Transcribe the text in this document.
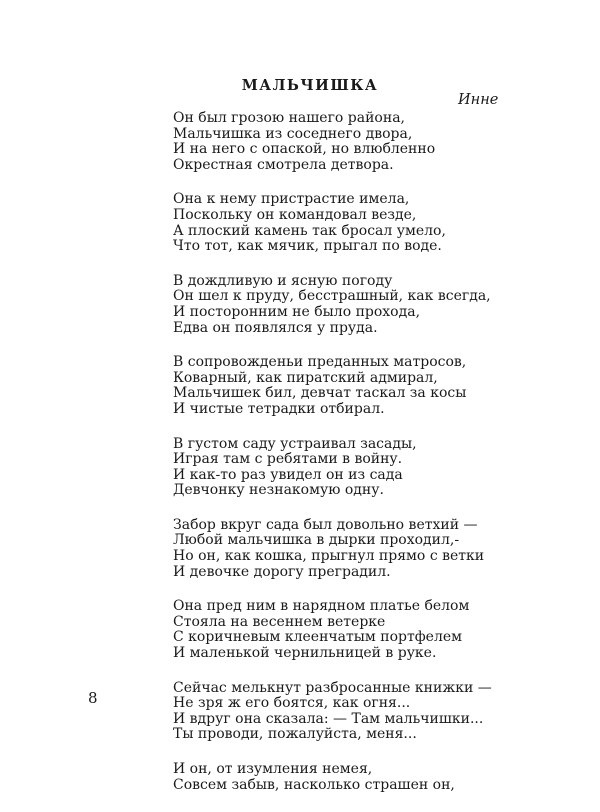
МАЛЬЧИШКА
Инне
Он был грозою нашего района,
Мальчишка из соседнего двора,
И на него с опаской, но влюбленно
Окрестная смотрела детвора.
Она к нему пристрастие имела,
Поскольку он командовал везде,
А плоский камень так бросал умело,
Что тот, как мячик, прыгал по воде.
В дождливую и ясную погоду
Он шел к пруду, бесстрашный, как всегда,
И посторонним не было прохода,
Едва он появлялся у пруда.
В сопровожденьи преданных матросов,
Коварный, как пиратский адмирал,
Мальчишек бил, девчат таскал за косы
И чистые тетрадки отбирал.
В густом саду устраивал засады,
Играя там с ребятами в войну.
И как-то раз увидел он из сада
Девчонку незнакомую одну.
Забор вкруг сада был довольно ветхий —
Любой мальчишка в дырки проходил,-
Но он, как кошка, прыгнул прямо с ветки
И девочке дорогу преградил.
Она пред ним в нарядном платье белом
Стояла на весеннем ветерке
С коричневым клеенчатым портфелем
И маленькой чернильницей в руке.
Сейчас мелькнут разбросанные книжки —
Не зря ж его боятся, как огня...
И вдруг она сказала: — Там мальчишки...
Ты проводи, пожалуйста, меня...
И он, от изумления немея,
Совсем забыв, насколько страшен он,
8
